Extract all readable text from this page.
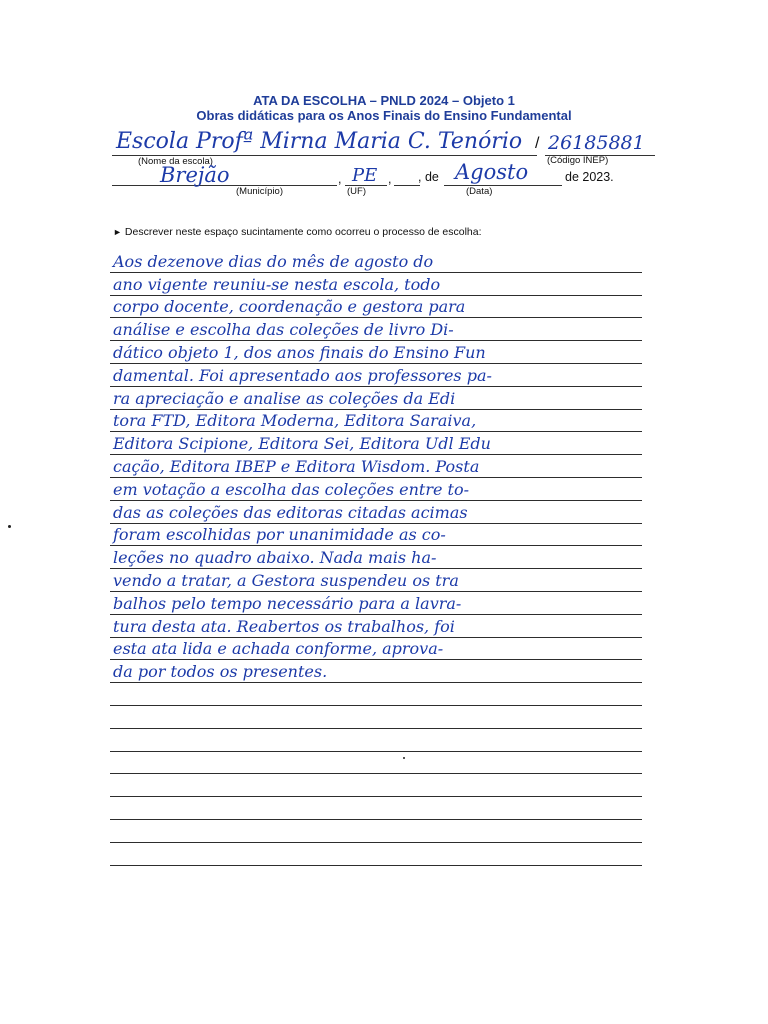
ATA DA ESCOLHA – PNLD 2024 – Objeto 1
Obras didáticas para os Anos Finais do Ensino Fundamental
Escola Profª Mirna Maria C. Tenório / 26185881
(Nome da escola)	(Código INEP)
Brejão	, PE , , de Agosto	de 2023.
(Município)	(UF)	(Data)
► Descrever neste espaço sucintamente como ocorreu o processo de escolha:
Aos dezenove dias do mês de agosto do
ano vigente reuniu-se nesta escola, todo
corpo docente, coordenação e gestora para
análise e escolha das coleções de livro Di-
dático objeto 1, dos anos finais do Ensino Fun
damental. Foi apresentado aos professores pa-
ra apreciação e analise as coleções da Edi
tora FTD, Editora Moderna, Editora Saraiva,
Editora Scipione, Editora Sei, Editora Udl Edu
cação, Editora IBEP e Editora Wisdom. Posta
em votação a escolha das coleções entre to-
das as coleções das editoras citadas acimas
foram escolhidas por unanimidade as co-
leções no quadro abaixo. Nada mais ha-
vendo a tratar, a Gestora suspendeu os tra
balhos pelo tempo necessário para a lavra-
tura desta ata. Reabertos os trabalhos, foi
esta ata lida e achada conforme, aprova-
da por todos os presentes.
